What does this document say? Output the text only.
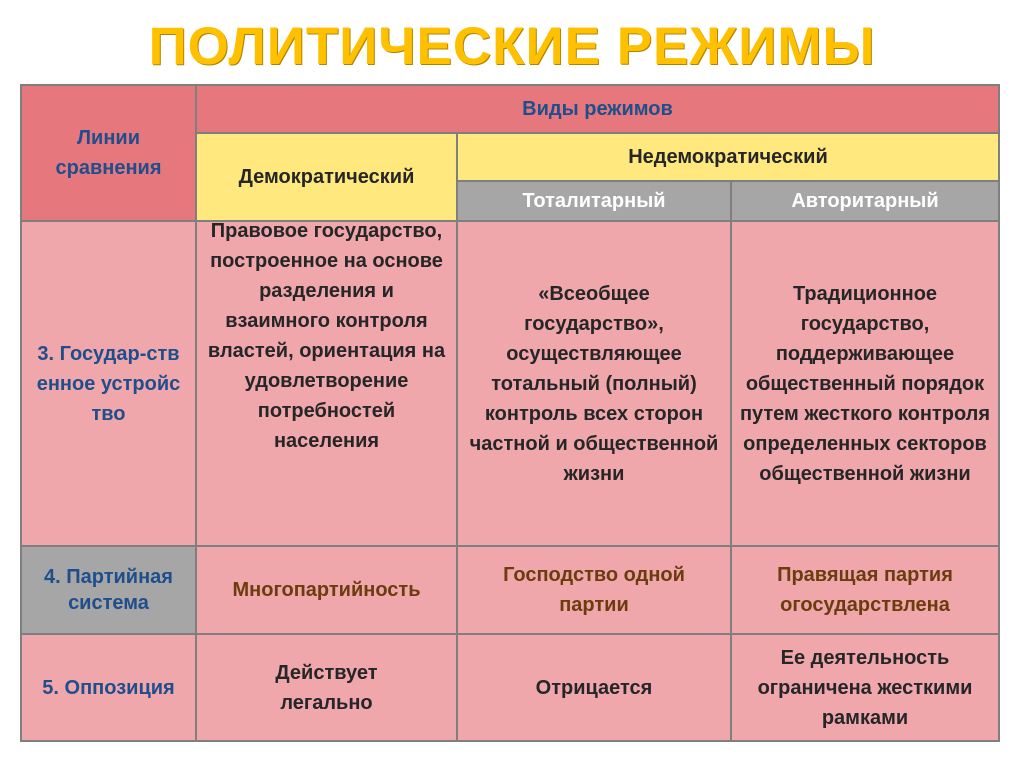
ПОЛИТИЧЕСКИЕ РЕЖИМЫ
Линии сравнения
Виды режимов
Демократический
Недемократический
Тоталитарный	Авторитарный
3. Государ-ственное устройство
Правовое государство, построенное на основе разделения и взаимного контроля властей, ориентация на удовлетворение потребностей населения
«Всеобщее государство», осуществляющее тотальный (полный) контроль всех сторон частной и общественной жизни
Традиционное государство, поддерживающее общественный порядок путем жесткого контроля определенных секторов общественной жизни
4. Партийная система
Многопартийность
Господство одной партии
Правящая партия огосударствлена
5. Оппозиция
Действует легально
Отрицается
Ее деятельность ограничена жесткими рамками
